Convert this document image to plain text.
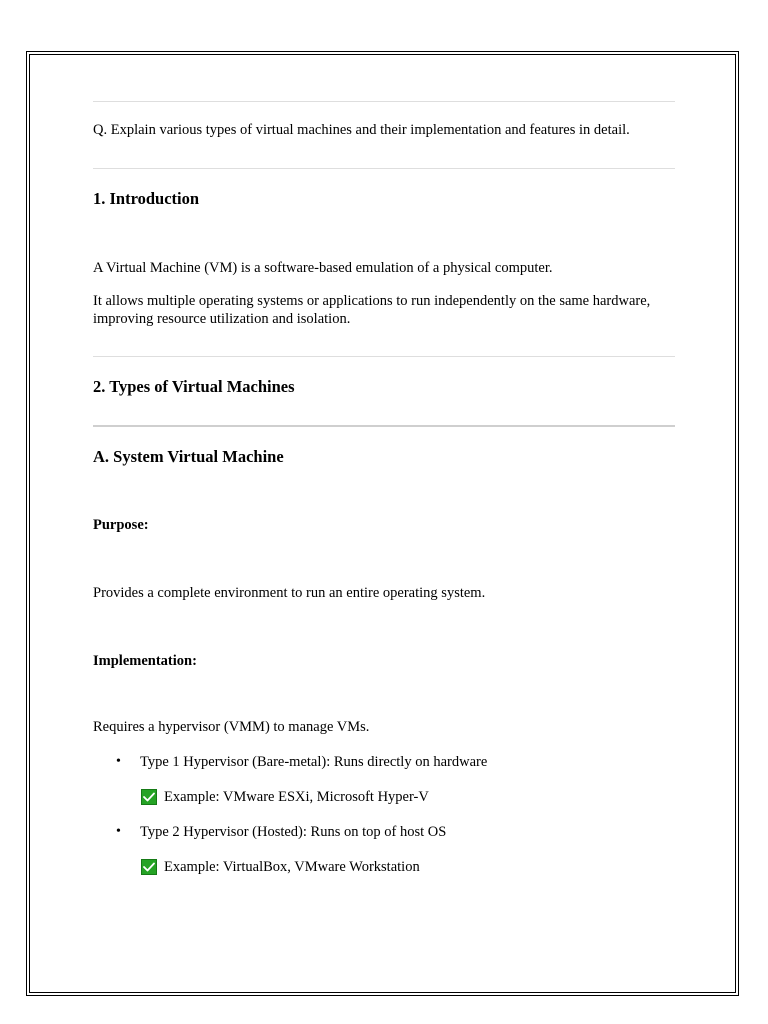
Q. Explain various types of virtual machines and their implementation and features in detail.
1. Introduction
A Virtual Machine (VM) is a software-based emulation of a physical computer.
It allows multiple operating systems or applications to run independently on the same hardware, improving resource utilization and isolation.
2. Types of Virtual Machines
A. System Virtual Machine
Purpose:
Provides a complete environment to run an entire operating system.
Implementation:
Requires a hypervisor (VMM) to manage VMs.
• Type 1 Hypervisor (Bare-metal): Runs directly on hardware
Example: VMware ESXi, Microsoft Hyper-V
• Type 2 Hypervisor (Hosted): Runs on top of host OS
Example: VirtualBox, VMware Workstation
